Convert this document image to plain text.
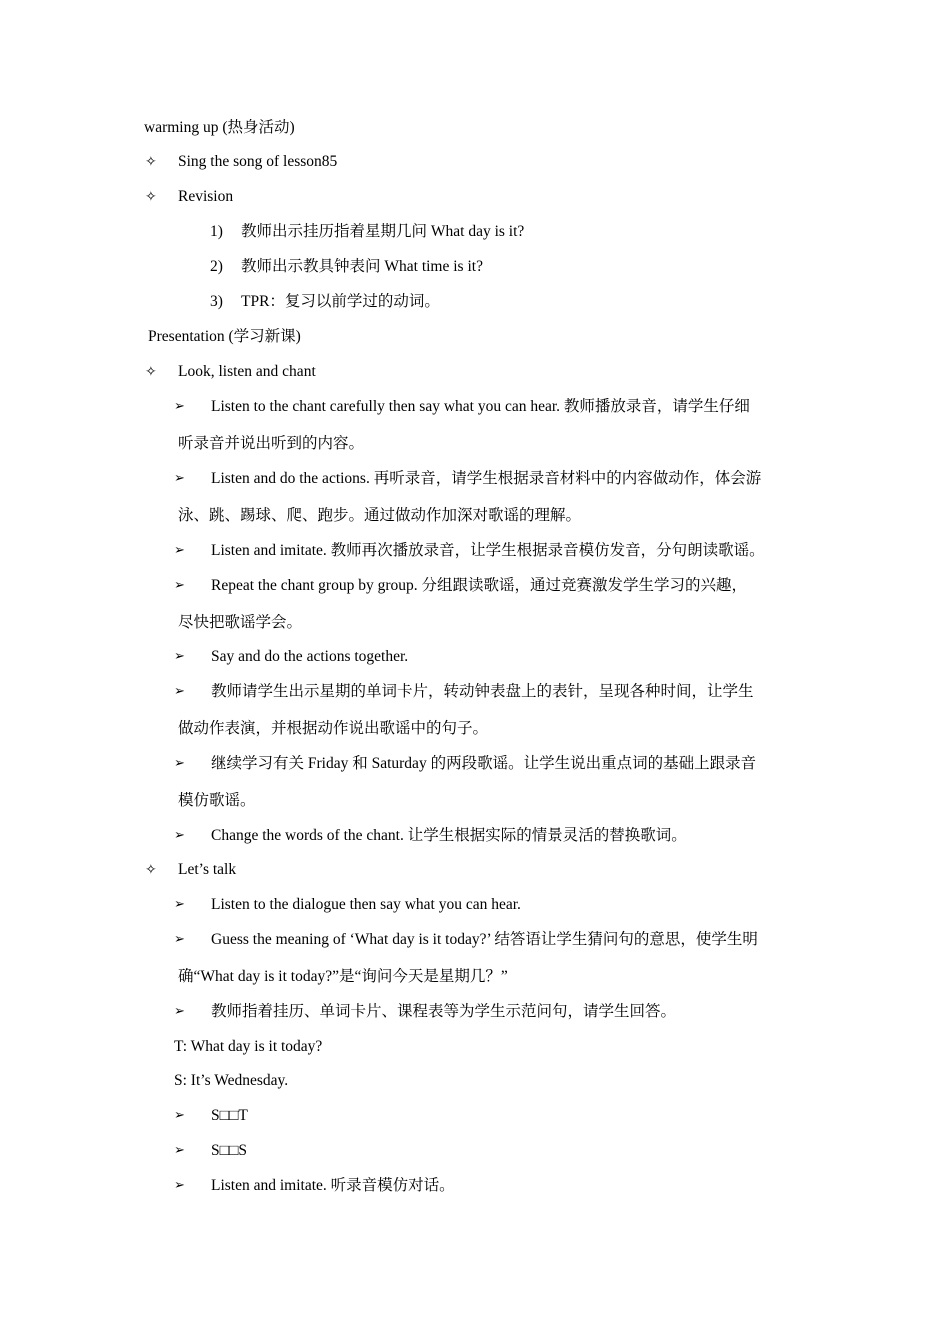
warming up (热身活动)
✧ Sing the song of lesson85
✧ Revision
1) 教师出示挂历指着星期几问 What day is it?
2) 教师出示教具钟表问 What time is it?
3) TPR：复习以前学过的动词。
Presentation (学习新课)
✧ Look, listen and chant
➢ Listen to the chant carefully then say what you can hear. 教师播放录音，请学生仔细
听录音并说出听到的内容。
➢ Listen and do the actions. 再听录音，请学生根据录音材料中的内容做动作，体会游
泳、跳、踢球、爬、跑步。通过做动作加深对歌谣的理解。
➢ Listen and imitate. 教师再次播放录音，让学生根据录音模仿发音，分句朗读歌谣。
➢ Repeat the chant group by group. 分组跟读歌谣，通过竞赛激发学生学习的兴趣，
尽快把歌谣学会。
➢ Say and do the actions together.
➢ 教师请学生出示星期的单词卡片，转动钟表盘上的表针，呈现各种时间，让学生
做动作表演，并根据动作说出歌谣中的句子。
➢ 继续学习有关 Friday 和 Saturday 的两段歌谣。让学生说出重点词的基础上跟录音
模仿歌谣。
➢ Change the words of the chant. 让学生根据实际的情景灵活的替换歌词。
✧ Let’s talk
➢ Listen to the dialogue then say what you can hear.
➢ Guess the meaning of ‘What day is it today?’ 结答语让学生猜问句的意思，使学生明
确“What day is it today?”是“询问今天是星期几？”
➢ 教师指着挂历、单词卡片、课程表等为学生示范问句，请学生回答。
T: What day is it today?
S: It’s Wednesday.
➢ S□□T
➢ S□□S
➢ Listen and imitate. 听录音模仿对话。
